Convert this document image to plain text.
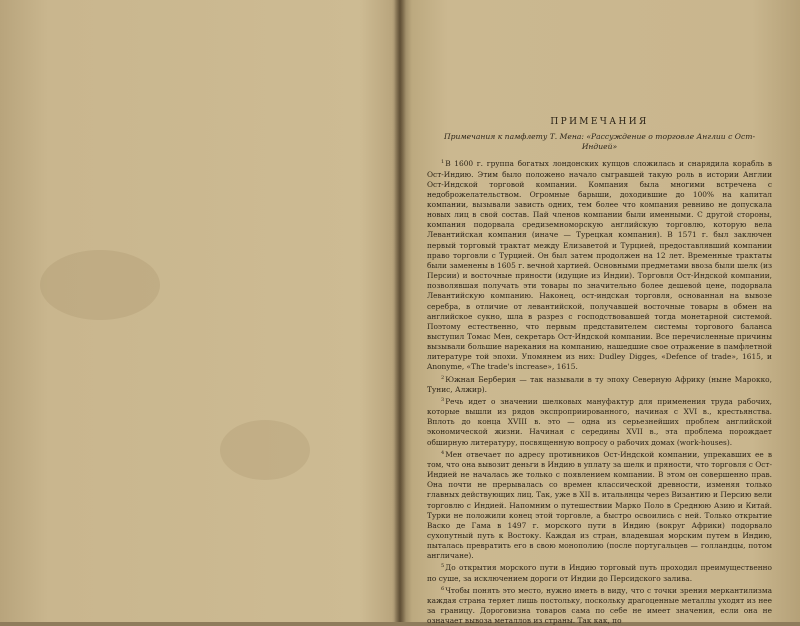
ПРИМЕЧАНИЯ
Примечания к памфлету Т. Мена: «Рассуждение о торговле Англии с Ост-Индией»

$^1$В 1600 г. группа богатых лондонских купцов сложилась и снарядила корабль в Ост-Индию. Этим было положено начало сыгравшей такую роль в истории Англии Ост-Индской торговой компании. Компания была многими встречена с недоброжелательством. Огромные барыши, доходившие до 100% на капитал компании, вызывали зависть одних, тем более что компания ревниво не допускала новых лиц в свой состав. Пай членов компании были именными. С другой стороны, компания подорвала средиземноморскую английскую торговлю, которую вела Левантийская компания (иначе — Турецкая компания). В 1571 г. был заключен первый торговый трактат между Елизаветой и Турцией, предоставлявший компании право торговли с Турцией. Он был затем продолжен на 12 лет. Временные трактаты были заменены в 1605 г. вечной хартией. Основными предметами ввоза были шелк (из Персии) и восточные пряности (идущие из Индии). Торговля Ост-Индской компании, позволявшая получать эти товары по значительно более дешевой цене, подорвала Левантийскую компанию. Наконец, ост-индская торговля, основанная на вывозе серебра, в отличие от левантийской, получавшей восточные товары в обмен на английское сукно, шла в разрез с господствовавшей тогда монетарной системой. Поэтому естественно, что первым представителем системы торгового баланса выступил Томас Мен, секретарь Ост-Индской компании. Все перечисленные причины вызывали большие нарекания на компанию, нашедшие свое отражение в памфлетной литературе той эпохи. Упомянем из них: Dudley Digges, «Defence of trade», 1615, и Anonyme, «The trade's increase», 1615.

$^2$Южная Берберия — так называли в ту эпоху Северную Африку (ныне Марокко, Тунис, Алжир).

$^3$Речь идет о значении шелковых мануфактур для применения труда рабочих, которые вышли из рядов экспроприированного, начиная с XVI в., крестьянства. Вплоть до конца XVIII в. это — одна из серьезнейших проблем английской экономической жизни. Начиная с середины XVII в., эта проблема порождает обширную литературу, посвященную вопросу о рабочих домах (work-houses).

$^4$Мен отвечает по адресу противников Ост-Индской компании, упрекавших ее в том, что она вывозит деньги в Индию в уплату за шелк и пряности, что торговля с Ост-Индией не началась же только с появлением компании. В этом он совершенно прав. Она почти не прерывалась со времен классической древности, изменяя только главных действующих лиц. Так, уже в XII в. итальянцы через Византию и Персию вели торговлю с Индией. Напомним о путешествии Марко Поло в Среднюю Азию и Китай. Турки не положили конец этой торговле, а быстро освоились с ней. Только открытие Васко де Гама в 1497 г. морского пути в Индию (вокруг Африки) подорвало сухопутный путь к Востоку. Каждая из стран, владевшая морским путем в Индию, пыталась превратить его в свою монополию (после португальцев — голландцы, потом англичане).

$^5$До открытия морского пути в Индию торговый путь проходил преимущественно по суше, за исключением дороги от Индии до Персидского залива.

$^6$Чтобы понять это место, нужно иметь в виду, что с точки зрения меркантилизма каждая страна теряет лишь постольку, поскольку драгоценные металлы уходят из нее за границу. Дороговизна товаров сама по себе не имеет значения, если она не означает вывоза металлов из страны. Так как, по
